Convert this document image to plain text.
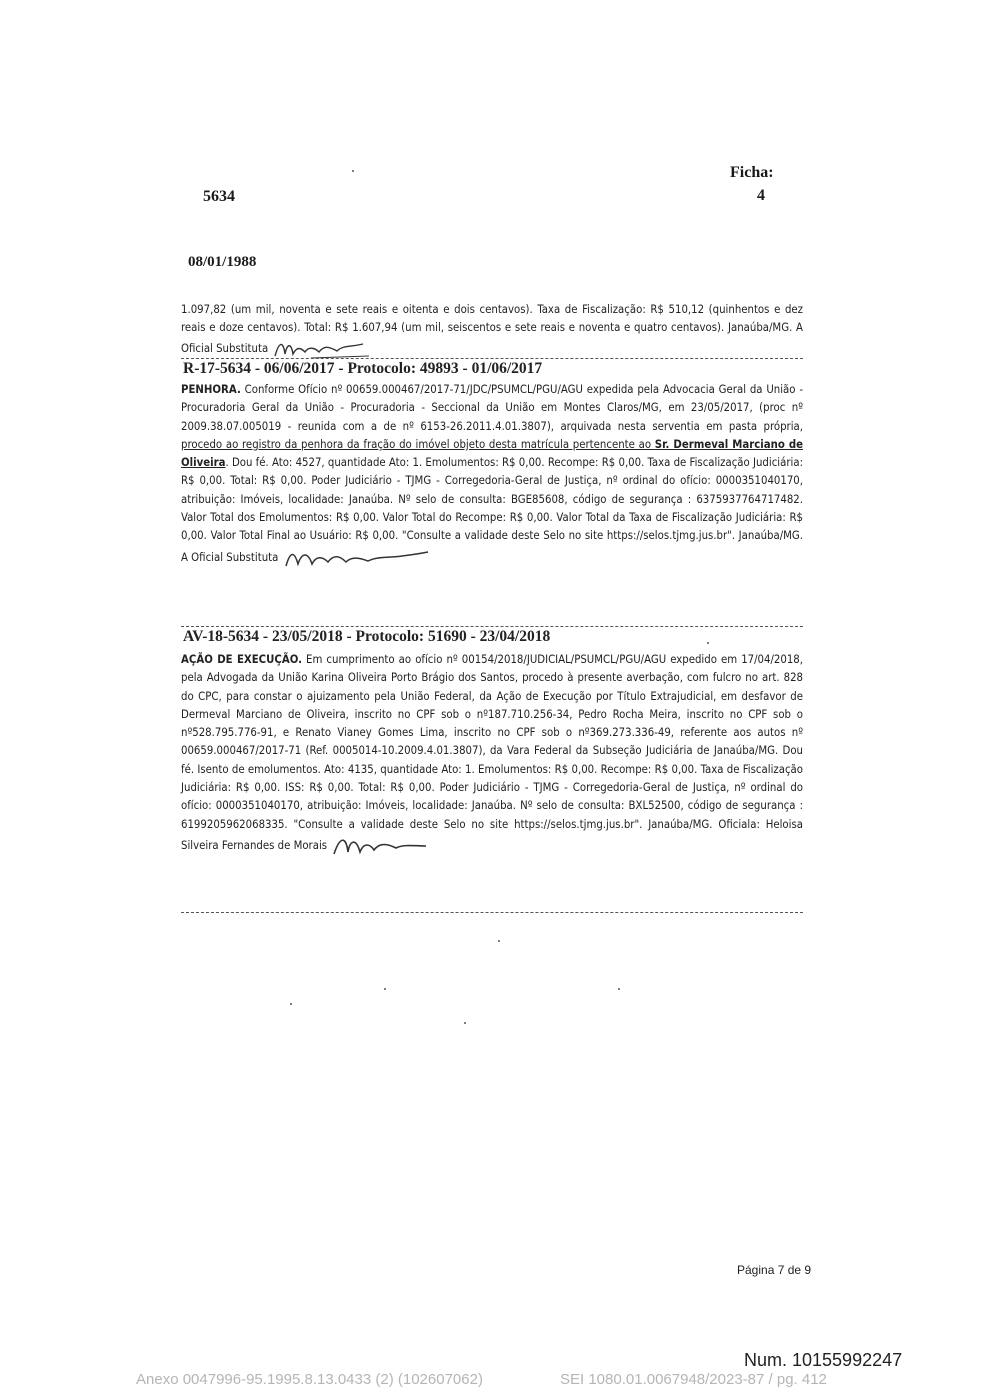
5634
Ficha:
4
08/01/1988
1.097,82 (um mil, noventa e sete reais e oitenta e dois centavos). Taxa de Fiscalização: R$ 510,12 (quinhentos e dez reais e doze centavos). Total: R$ 1.607,94 (um mil, seiscentos e sete reais e noventa e quatro centavos). Janaúba/MG. A Oficial Substituta
R-17-5634 - 06/06/2017 - Protocolo: 49893 - 01/06/2017
PENHORA. Conforme Ofício nº 00659.000467/2017-71/JDC/PSUMCL/PGU/AGU expedida pela Advocacia Geral da União - Procuradoria Geral da União - Procuradoria - Seccional da União em Montes Claros/MG, em 23/05/2017, (proc nº 2009.38.07.005019 - reunida com a de nº 6153-26.2011.4.01.3807), arquivada nesta serventia em pasta própria, procedo ao registro da penhora da fração do imóvel objeto desta matrícula pertencente ao Sr. Dermeval Marciano de Oliveira. Dou fé. Ato: 4527, quantidade Ato: 1. Emolumentos: R$ 0,00. Recompe: R$ 0,00. Taxa de Fiscalização Judiciária: R$ 0,00. Total: R$ 0,00. Poder Judiciário - TJMG - Corregedoria-Geral de Justiça, nº ordinal do ofício: 0000351040170, atribuição: Imóveis, localidade: Janaúba. Nº selo de consulta: BGE85608, código de segurança : 6375937764717482. Valor Total dos Emolumentos: R$ 0,00. Valor Total do Recompe: R$ 0,00. Valor Total da Taxa de Fiscalização Judiciária: R$ 0,00. Valor Total Final ao Usuário: R$ 0,00. "Consulte a validade deste Selo no site https://selos.tjmg.jus.br". Janaúba/MG. A Oficial Substituta
AV-18-5634 - 23/05/2018 - Protocolo: 51690 - 23/04/2018
AÇÃO DE EXECUÇÃO. Em cumprimento ao ofício nº 00154/2018/JUDICIAL/PSUMCL/PGU/AGU expedido em 17/04/2018, pela Advogada da União Karina Oliveira Porto Brágio dos Santos, procedo à presente averbação, com fulcro no art. 828 do CPC, para constar o ajuizamento pela União Federal, da Ação de Execução por Título Extrajudicial, em desfavor de Dermeval Marciano de Oliveira, inscrito no CPF sob o nº187.710.256-34, Pedro Rocha Meira, inscrito no CPF sob o nº528.795.776-91, e Renato Vianey Gomes Lima, inscrito no CPF sob o nº369.273.336-49, referente aos autos nº 00659.000467/2017-71 (Ref. 0005014-10.2009.4.01.3807), da Vara Federal da Subseção Judiciária de Janaúba/MG. Dou fé. Isento de emolumentos. Ato: 4135, quantidade Ato: 1. Emolumentos: R$ 0,00. Recompe: R$ 0,00. Taxa de Fiscalização Judiciária: R$ 0,00. ISS: R$ 0,00. Total: R$ 0,00. Poder Judiciário - TJMG - Corregedoria-Geral de Justiça, nº ordinal do ofício: 0000351040170, atribuição: Imóveis, localidade: Janaúba. Nº selo de consulta: BXL52500, código de segurança : 6199205962068335. "Consulte a validade deste Selo no site https://selos.tjmg.jus.br". Janaúba/MG. Oficiala: Heloisa Silveira Fernandes de Morais
Página 7 de 9
Num. 10155992247
Anexo 0047996-95.1995.8.13.0433 (2) (102607062)	SEI 1080.01.0067948/2023-87 / pg. 412
